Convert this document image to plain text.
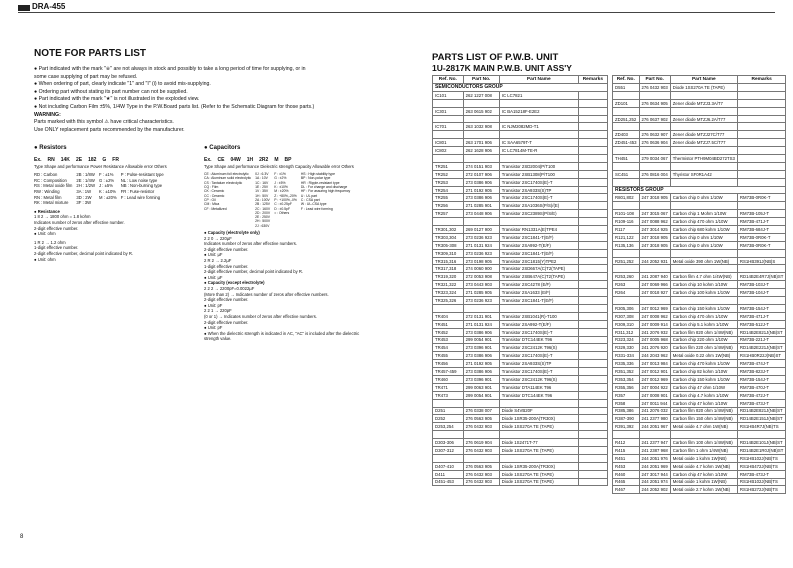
DRA-455
NOTE FOR PARTS LIST
● Part indicated with the mark "※" are not always in stock and possibly to take a long period of time for supplying, or in
some case supplying of part may be refused.
● When ordering of part, clearly indicate "1" and "I" (i) to avoid mis-supplying.
● Ordering part without stating its part number can not be supplied.
● Part indicated with the mark "★" is not illustrated in the exploded view.
● Not including Carbon Film ±5%, 1/4W Type in the P.W.Board parts list. (Refer to the Schematic Diagram for those parts.)
WARNING:
Parts marked with this symbol ⚠ have critical characteristics.
Use ONLY replacement parts recommended by the manufacturer.
● Resistors
Ex. RN 14K 2E 182 G FR
Type Shape and performance Power Resistance Allowable error Others
RD : Carbon
RC : Composition
RS : Metal oxide film
RW : Winding
RN : Metal film
RK : Metal mixture
2B : 1/8W
2E : 1/4W
2H : 1/2W
3A : 1W
3D : 2W
3F : 3W
F : ±1%
G : ±2%
J : ±5%
K : ±10%
M : ±20%
P : Pulse-resistant type
NL : Low noise type
NB : Non-burning type
FR : Fuse-resistor
F : Lead wire forming
● Resistance
1 8 2 → 1800 ohm = 1.8 kohm
Indicates number of zeros after effective number.
2-digit effective number.
● Unit: ohm
1 R 2 → 1.2 ohm
1-digit effective number.
2-digit effective number, decimal point indicated by R.
● Unit: ohm
● Capacitors
Ex. CE 04W 1H 2R2 M BP
Type Shape and performance Dielectric strength Capacity Allowable error Others
CE : Aluminum foil electrolytic
CA : Aluminum solid electrolytic
CS : Tantalum electrolytic
CQ : Film
CK : Ceramic
CC : Ceramic
CP : Oil
CM : Mica
CF : Metallized
0J : 6.3V
1A : 10V
1C : 16V
1E : 25V
1V : 35V
1H : 50V
2A : 100V
2B : 125V
2C : 160V
2D : 200V
2E : 250V
2H : 500V
2J : 630V
F : ±1%
G : ±2%
J : ±5%
K : ±10%
M : ±20%
Z : +80%,-20%
P : +100%,-0%
C : ±0.25pF
D : ±0.5pF
= : Others
HS : High stability type
BP : Non-polar type
HR : Ripple-resistant type
DL : For change and discharge
HF : For assuring high frequency
U : UL part
C : CSA part
W : UL-CSA type
F : Lead wire forming
● Capacity (electrolyte only)
2 2 0 → 220µF
Indicates number of zeros after effective numbers.
2-digit effective number.
● Unit: µF
2 R 2 → 2.2µF
1-digit effective number.
2-digit effective number, decimal point indicated by R.
● Unit: µF
● Capacity (except electrolyte)
2 2 2 → 2200pF=0.0022µF
(More than 2) → Indicates number of zeros after effective numbers.
2-digit effective number.
● Unit: pF
2 2 1 → 220pF
(0 or 1) → Indicates number of zeros after effective numbers.
2-digit effective number.
● Unit: pF
● When the dielectric strength is indicated in AC, "AC" is included after the dielectric
strength value.
8
PARTS LIST OF P.W.B. UNIT
1U-2817K MAIN P.W.B. UNIT ASS'Y
Ref. No.	Part No.	Part Name	Remarks
SEMICONDUCTORS GROUP			
IC101	262 1227 008	IC LC7821	

IC301	263 0615 902	IC BA15218F-E2E2	

IC701	263 1032 908	IC NJM2082MD-T1	

IC801	263 1701 906	IC SAA6579T-T	
IC802	262 1628 906	IC LC7814M-TE-R	

TR251	274 0151 903	Transistor 2SD2004(P/T100	
TR252	272 0107 906	Transistor 2SB1308(P/T100	
TR253	273 0386 906	Transistor 2SC1740S(E)-T	
TR254	271 0192 905	Transistor 2SA933S(S)TP	
TR255	273 0386 906	Transistor 2SC1740S(E)-T	
TR256	271 0285 901	Transistor 2SA1036S(P/S)/(E)	
TR257	273 0448 906	Transistor 2SC2389S(P/S/E)	

TR301,302	269 0127 900	Transistor RN1331A(E)TPE4	
TR303,304	273 0236 923	Transistor 2SC1841-T(E/F)	
TR305-308	271 0131 924	Transistor 2SA992-T(E/F)	
TR309,310	273 0236 923	Transistor 2SC1841-T(E/F)	
TR315,316	273 0198 905	Transistor 2SC1815(Y)TPE2	
TR317,318	274 0060 900	Transistor 2SD667A(C)T2(TAPE)	
TR319,320	272 0053 908	Transistor 2SB647A(C)T2(TAPE)	
TR321,322	273 0443 903	Transistor 2SC4278 (E/F)	
TR323,324	271 0285 905	Transistor 2SA1633 (E/F)	
TR325,326	273 0236 923	Transistor 2SC1841-T(E/F)	

TR404	272 0131 901	Transistor 2SB1041(R)-T100	
TR451	271 0131 924	Transistor 2SA992-T(E/F)	
TR452	273 0386 906	Transistor 2SC1740S(E)-T	
TR453	299 0054 901	Transistor DTC144EK T96	
TR454	273 0396 901	Transistor 2SC2412K T96(S)	
TR455	273 0386 906	Transistor 2SC1740S(E)-T	
TR456	271 0192 905	Transistor 2SA933S(S)TP	
TR457-459	273 0386 906	Transistor 2SC1740S(E)-T	
TR460	273 0396 901	Transistor 2SC2412K T96(S)	
TR471	299 0063 901	Transistor DTA114EK T96	
TR473	299 0054 901	Transistor DTC144EK T96	

D251	276 0338 007	Diode S4VB20F	
D252	276 0563 905	Diode 1SR35-200A(TR30X)	
D253,254	276 0432 903	Diode 1SS270A TE (TAPE)	

D303-306	276 0619 904	Diode 1S2471T-77	
D307-312	276 0432 903	Diode 1SS270A TE (TAPE)	

D407-410	276 0563 905	Diode 1SR35-200A(TR30X)	
D411	276 0432 903	Diode 1SS270A TE (TAPE)	
D451-453	276 0432 903	Diode 1SS270A TE (TAPE)	
Ref. No.	Part No.	Part Name	Remarks
D551	276 0432 903	Diode 1SS270A TE (TAPE)	

ZD101	276 0634 905	Zener diode MTZJ3.3A/T7	

ZD251,252	276 0637 902	Zener diode MTZJ6.2A/T77	

ZD403	276 0632 907	Zener diode MTZJ27C/T77	
ZD451-453	276 0636 904	Zener diode MTZJ7.5C/T77	

TH451	279 0034 067	Thermistor PTH9M04BD272TS3	

SC451	276 0816 004	Thyristor SF0R1A42	

RESISTORS GROUP			
R801,802	247 3018 905	Carbon chip 0 ohm 1/10W	RM73B-0R0K-T

R101-108	247 3015 067	Carbon chip 1 Mohm 1/10W	RM73B-105J-T
R109-116	247 0088 962	Carbon chip 470 ohm 1/10W	RM73B-471J-T
R117	247 3014 925	Carbon chip 680 kohm 1/10W	RM73B-684J-T
R121,122	247 3018 905	Carbon chip 0 ohm 1/10W	RM73B-0R0K-T
R135,136	247 3018 905	Carbon chip 0 ohm 1/10W	RM73B-0R0K-T

R251,252	244 2052 931	Metal oxide 390 ohm 1W(NB)	RS1HB391J(NB)S

R253,260	241 2087 940	Carbon film 4.7 ohm 1/4W(NB)	RD14B2E4R7J(NB)ST
R263	247 0069 966	Carbon chip 10 kohm 1/10W	RM73B-103J-T
R264	247 0018 927	Carbon chip 100 kohm 1/10W	RM73B-104J-T

R305,306	247 0012 969	Carbon chip 150 kohm 1/10W	RM73B-154J-T
R307,308	247 0008 962	Carbon chip 470 ohm 1/10W	RM73B-471J-T
R309,310	247 0009 914	Carbon chip 5.1 kohm 1/10W	RM73B-512J-T
R311,312	241 2076 932	Carbon film 820 ohm 1/4W(NB)	RD14B2E821J(NB)ST
R323,324	247 0005 968	Carbon chip 220 ohm 1/10W	RM73B-221J-T
R329,330	241 2076 920	Carbon film 220 ohm 1/4W(NB)	RD14B2E221J(NB)ST
R331-334	244 2043 962	Metal oxide 0.22 ohm 1W(NB)	RS1HB0R22J(NB)ST
R335,336	247 0013 984	Carbon chip 470 kohm 1/10W	RM73B-474J-T
R351,352	247 0012 901	Carbon chip 82 kohm 1/10W	RM73B-823J-T
R353,354	247 0012 969	Carbon chip 150 kohm 1/10W	RM73B-154J-T
R355,356	247 0004 922	Carbon chip 47 ohm 1/10W	RM73B-470J-T
R357	247 0008 901	Carbon chip 4.7 kohm 1/10W	RM73B-472J-T
R358	247 0011 944	Carbon chip 47 kohm 1/10W	RM73B-473J-T
R385,386	241 2076 032	Carbon film 820 ohm 1/4W(NB)	RD14B2E821J(NB)ST
R387-390	241 2377 980	Carbon film 150 ohm 1/4W(NB)	RD14B2E151J(NB)ST
R391,392	244 2051 967	Metal oxide 4.7 ohm 1W(NB)	RS1HB4R7J(NB)TS

R412	241 2377 947	Carbon film 100 ohm 1/4W(NB)	RD14B2E101J(NB)ST
R415	241 2387 968	Carbon film 1 ohm 1/4W(NB)	RD14B2E1R0J(NB)ST
R451	244 2051 976	Metal oxide 1 kohm 1W(NB)	RS1HB102J(NB)TS
R453	244 2051 969	Metal oxide 4.7 kohm 1W(NB)	RS1HB472J(NB)TS
R460	247 3017 944	Carbon chip 47 kohm 1/10W	RM73B-473J-T
R465	244 2051 974	Metal oxide 1 kohm 1W(NB)	RS1HB102J(NB)TS
R467	244 2052 902	Metal oxide 2.7 kohm 1W(NB)	RS1HB272J(NB)TS
